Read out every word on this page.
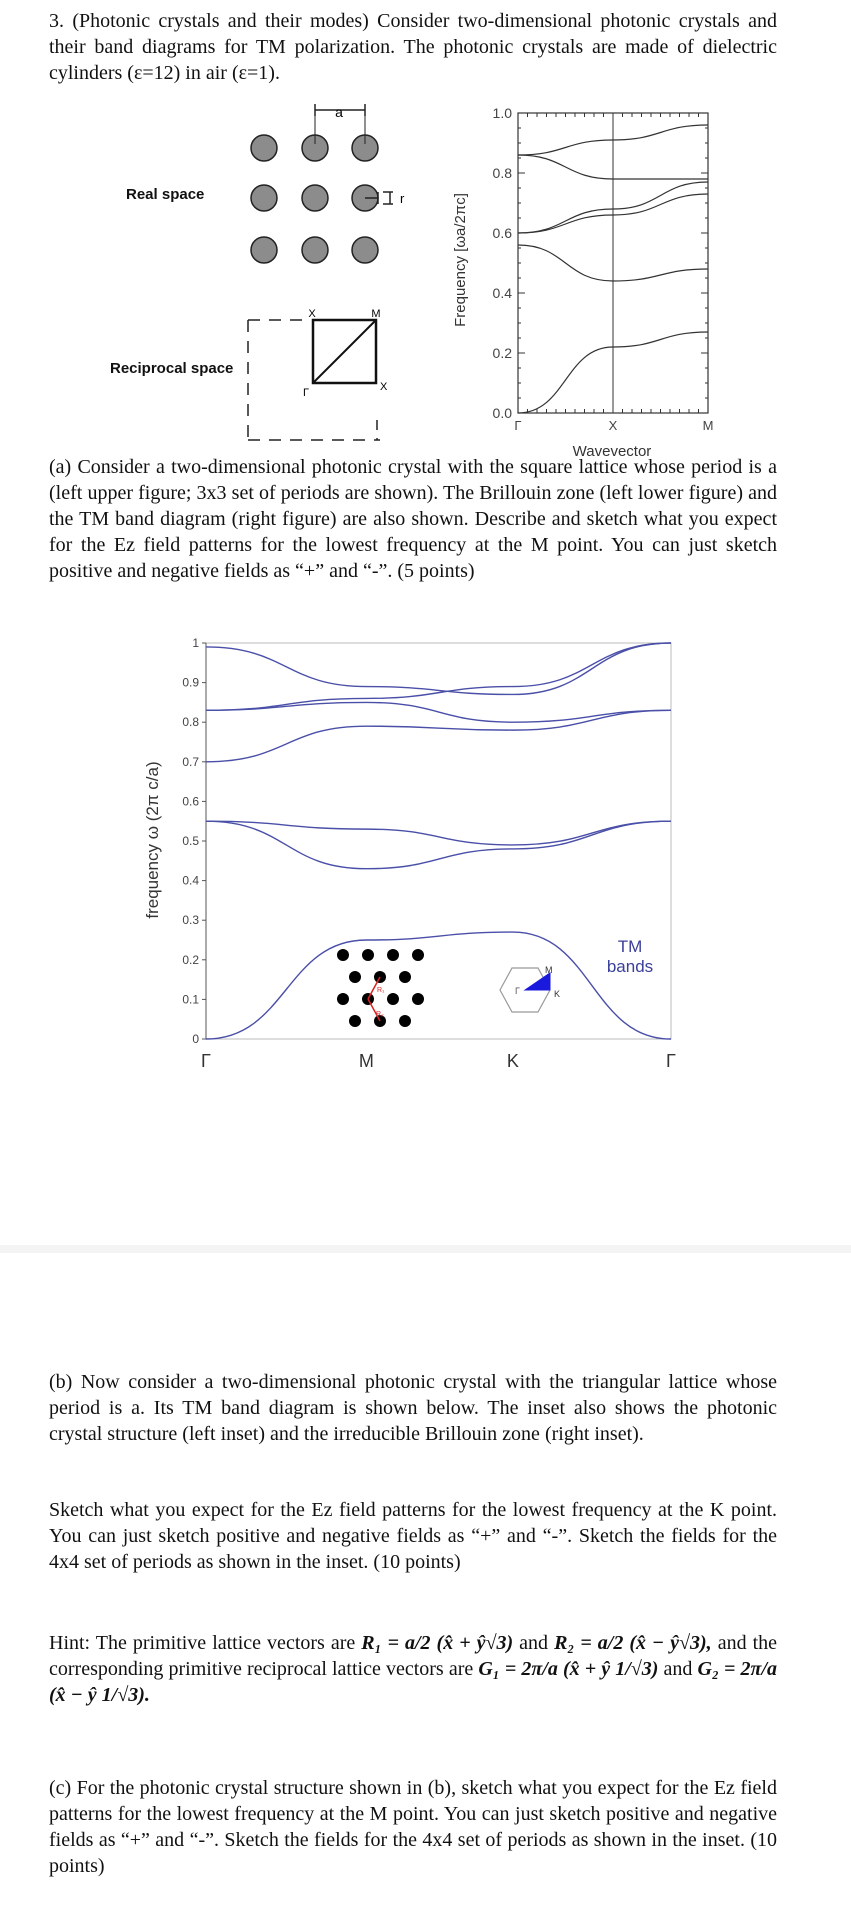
3. (Photonic crystals and their modes) Consider two-dimensional photonic crystals and their band diagrams for TM polarization. The photonic crystals are made of dielectric cylinders (ε=12) in air (ε=1).

Real space
Reciprocal space
a
r
X	M
X
Γ
Frequency [ωa/2πc]
Wavevector
0.0
0.2
0.4
0.6
0.8
1.0
Γ	X	M

(a) Consider a two-dimensional photonic crystal with the square lattice whose period is a (left upper figure; 3x3 set of periods are shown). The Brillouin zone (left lower figure) and the TM band diagram (right figure) are also shown. Describe and sketch what you expect for the Ez field patterns for the lowest frequency at the M point. You can just sketch positive and negative fields as “+” and “-”. (5 points)

frequency ω (2π c/a)
0
0.1
0.2
0.3
0.4
0.5
0.6
0.7
0.8
0.9
1
Γ	M	K	Γ
TM
bands
R₁
R₂
Γ
M
K

(b) Now consider a two-dimensional photonic crystal with the triangular lattice whose period is a. Its TM band diagram is shown below. The inset also shows the photonic crystal structure (left inset) and the irreducible Brillouin zone (right inset).

Sketch what you expect for the Ez field patterns for the lowest frequency at the K point. You can just sketch positive and negative fields as “+” and “-”. Sketch the fields for the 4x4 set of periods as shown in the inset. (10 points)

Hint: The primitive lattice vectors are R₁ = a/2 (x̂ + ŷ√3) and R₂ = a/2 (x̂ − ŷ√3), and the corresponding primitive reciprocal lattice vectors are G₁ = 2π/a (x̂ + ŷ 1/√3) and G₂ = 2π/a (x̂ − ŷ 1/√3).

(c) For the photonic crystal structure shown in (b), sketch what you expect for the Ez field patterns for the lowest frequency at the M point. You can just sketch positive and negative fields as “+” and “-”. Sketch the fields for the 4x4 set of periods as shown in the inset. (10 points)
